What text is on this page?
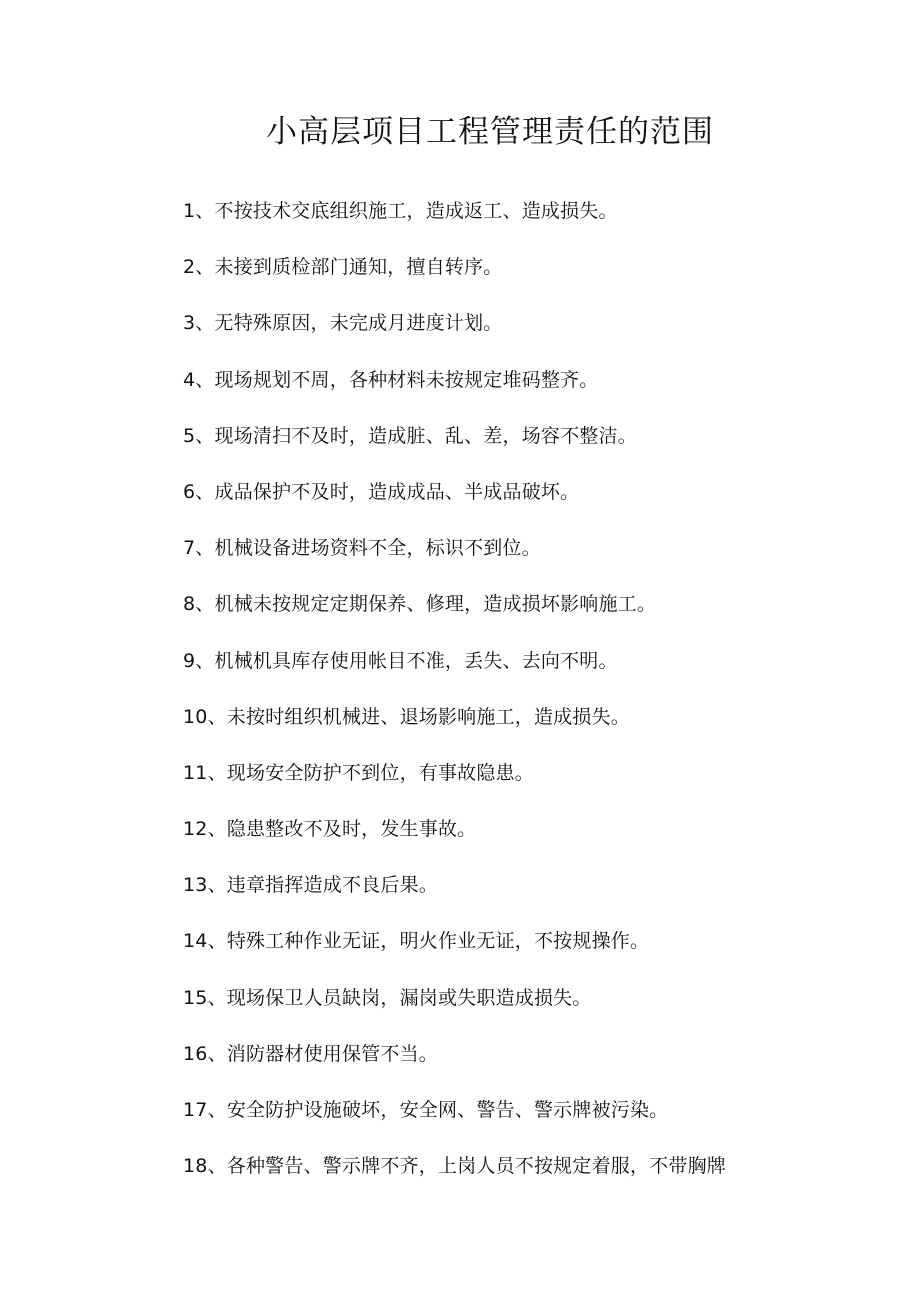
小高层项目工程管理责任的范围
1、不按技术交底组织施工，造成返工、造成损失。
2、未接到质检部门通知，擅自转序。
3、无特殊原因，未完成月进度计划。
4、现场规划不周，各种材料未按规定堆码整齐。
5、现场清扫不及时，造成脏、乱、差，场容不整洁。
6、成品保护不及时，造成成品、半成品破坏。
7、机械设备进场资料不全，标识不到位。
8、机械未按规定定期保养、修理，造成损坏影响施工。
9、机械机具库存使用帐目不准，丢失、去向不明。
10、未按时组织机械进、退场影响施工，造成损失。
11、现场安全防护不到位，有事故隐患。
12、隐患整改不及时，发生事故。
13、违章指挥造成不良后果。
14、特殊工种作业无证，明火作业无证，不按规操作。
15、现场保卫人员缺岗，漏岗或失职造成损失。
16、消防器材使用保管不当。
17、安全防护设施破坏，安全网、警告、警示牌被污染。
18、各种警告、警示牌不齐，上岗人员不按规定着服，不带胸牌
